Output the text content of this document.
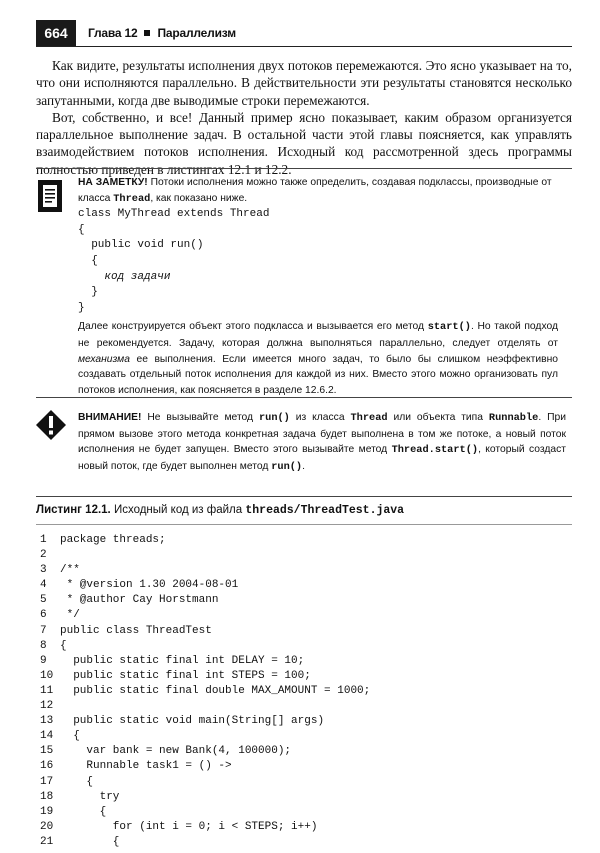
664	Глава 12 Параллелизм

Как видите, результаты исполнения двух потоков перемежаются. Это ясно указывает на то, что они исполняются параллельно. В действительности эти результаты становятся несколько запутанными, когда две выводимые строки перемежаются.

Вот, собственно, и все! Данный пример ясно показывает, каким образом организуется параллельное выполнение задач. В остальной части этой главы поясняется, как управлять взаимодействием потоков исполнения. Исходный код рассмотренной здесь программы полностью приведен в листингах 12.1 и 12.2.

НА ЗАМЕТКУ! Потоки исполнения можно также определить, создавая подклассы, производные от класса Thread, как показано ниже.
class MyThread extends Thread
{
public void run()
{
код задачи
}
}
Далее конструируется объект этого подкласса и вызывается его метод start(). Но такой подход не рекомендуется. Задачу, которая должна выполняться параллельно, следует отделять от механизма ее выполнения. Если имеется много задач, то было бы слишком неэффективно создавать отдельный поток исполнения для каждой из них. Вместо этого можно организовать пул потоков исполнения, как поясняется в разделе 12.6.2.
ВНИМАНИЕ! Не вызывайте метод run() из класса Thread или объекта типа Runnable. При прямом вызове этого метода конкретная задача будет выполнена в том же потоке, а новый поток исполнения не будет запущен. Вместо этого вызывайте метод Thread.start(), который создаст новый поток, где будет выполнен метод run().
Листинг 12.1. Исходный код из файла threads/ThreadTest.java
1	package threads;
2
3	/**
4	* @version 1.30 2004-08-01
5	* @author Cay Horstmann
6	*/
7	public class ThreadTest
8	{
9	public static final int DELAY = 10;
10 public static final int STEPS = 100;
11 public static final double MAX_AMOUNT = 1000;
12
13 public static void main(String[] args)
14 {
15 var bank = new Bank(4, 100000);
16 Runnable task1 = () ->
17 {
18 try
19 {
20 for (int i = 0; i < STEPS; i++)
21 {
